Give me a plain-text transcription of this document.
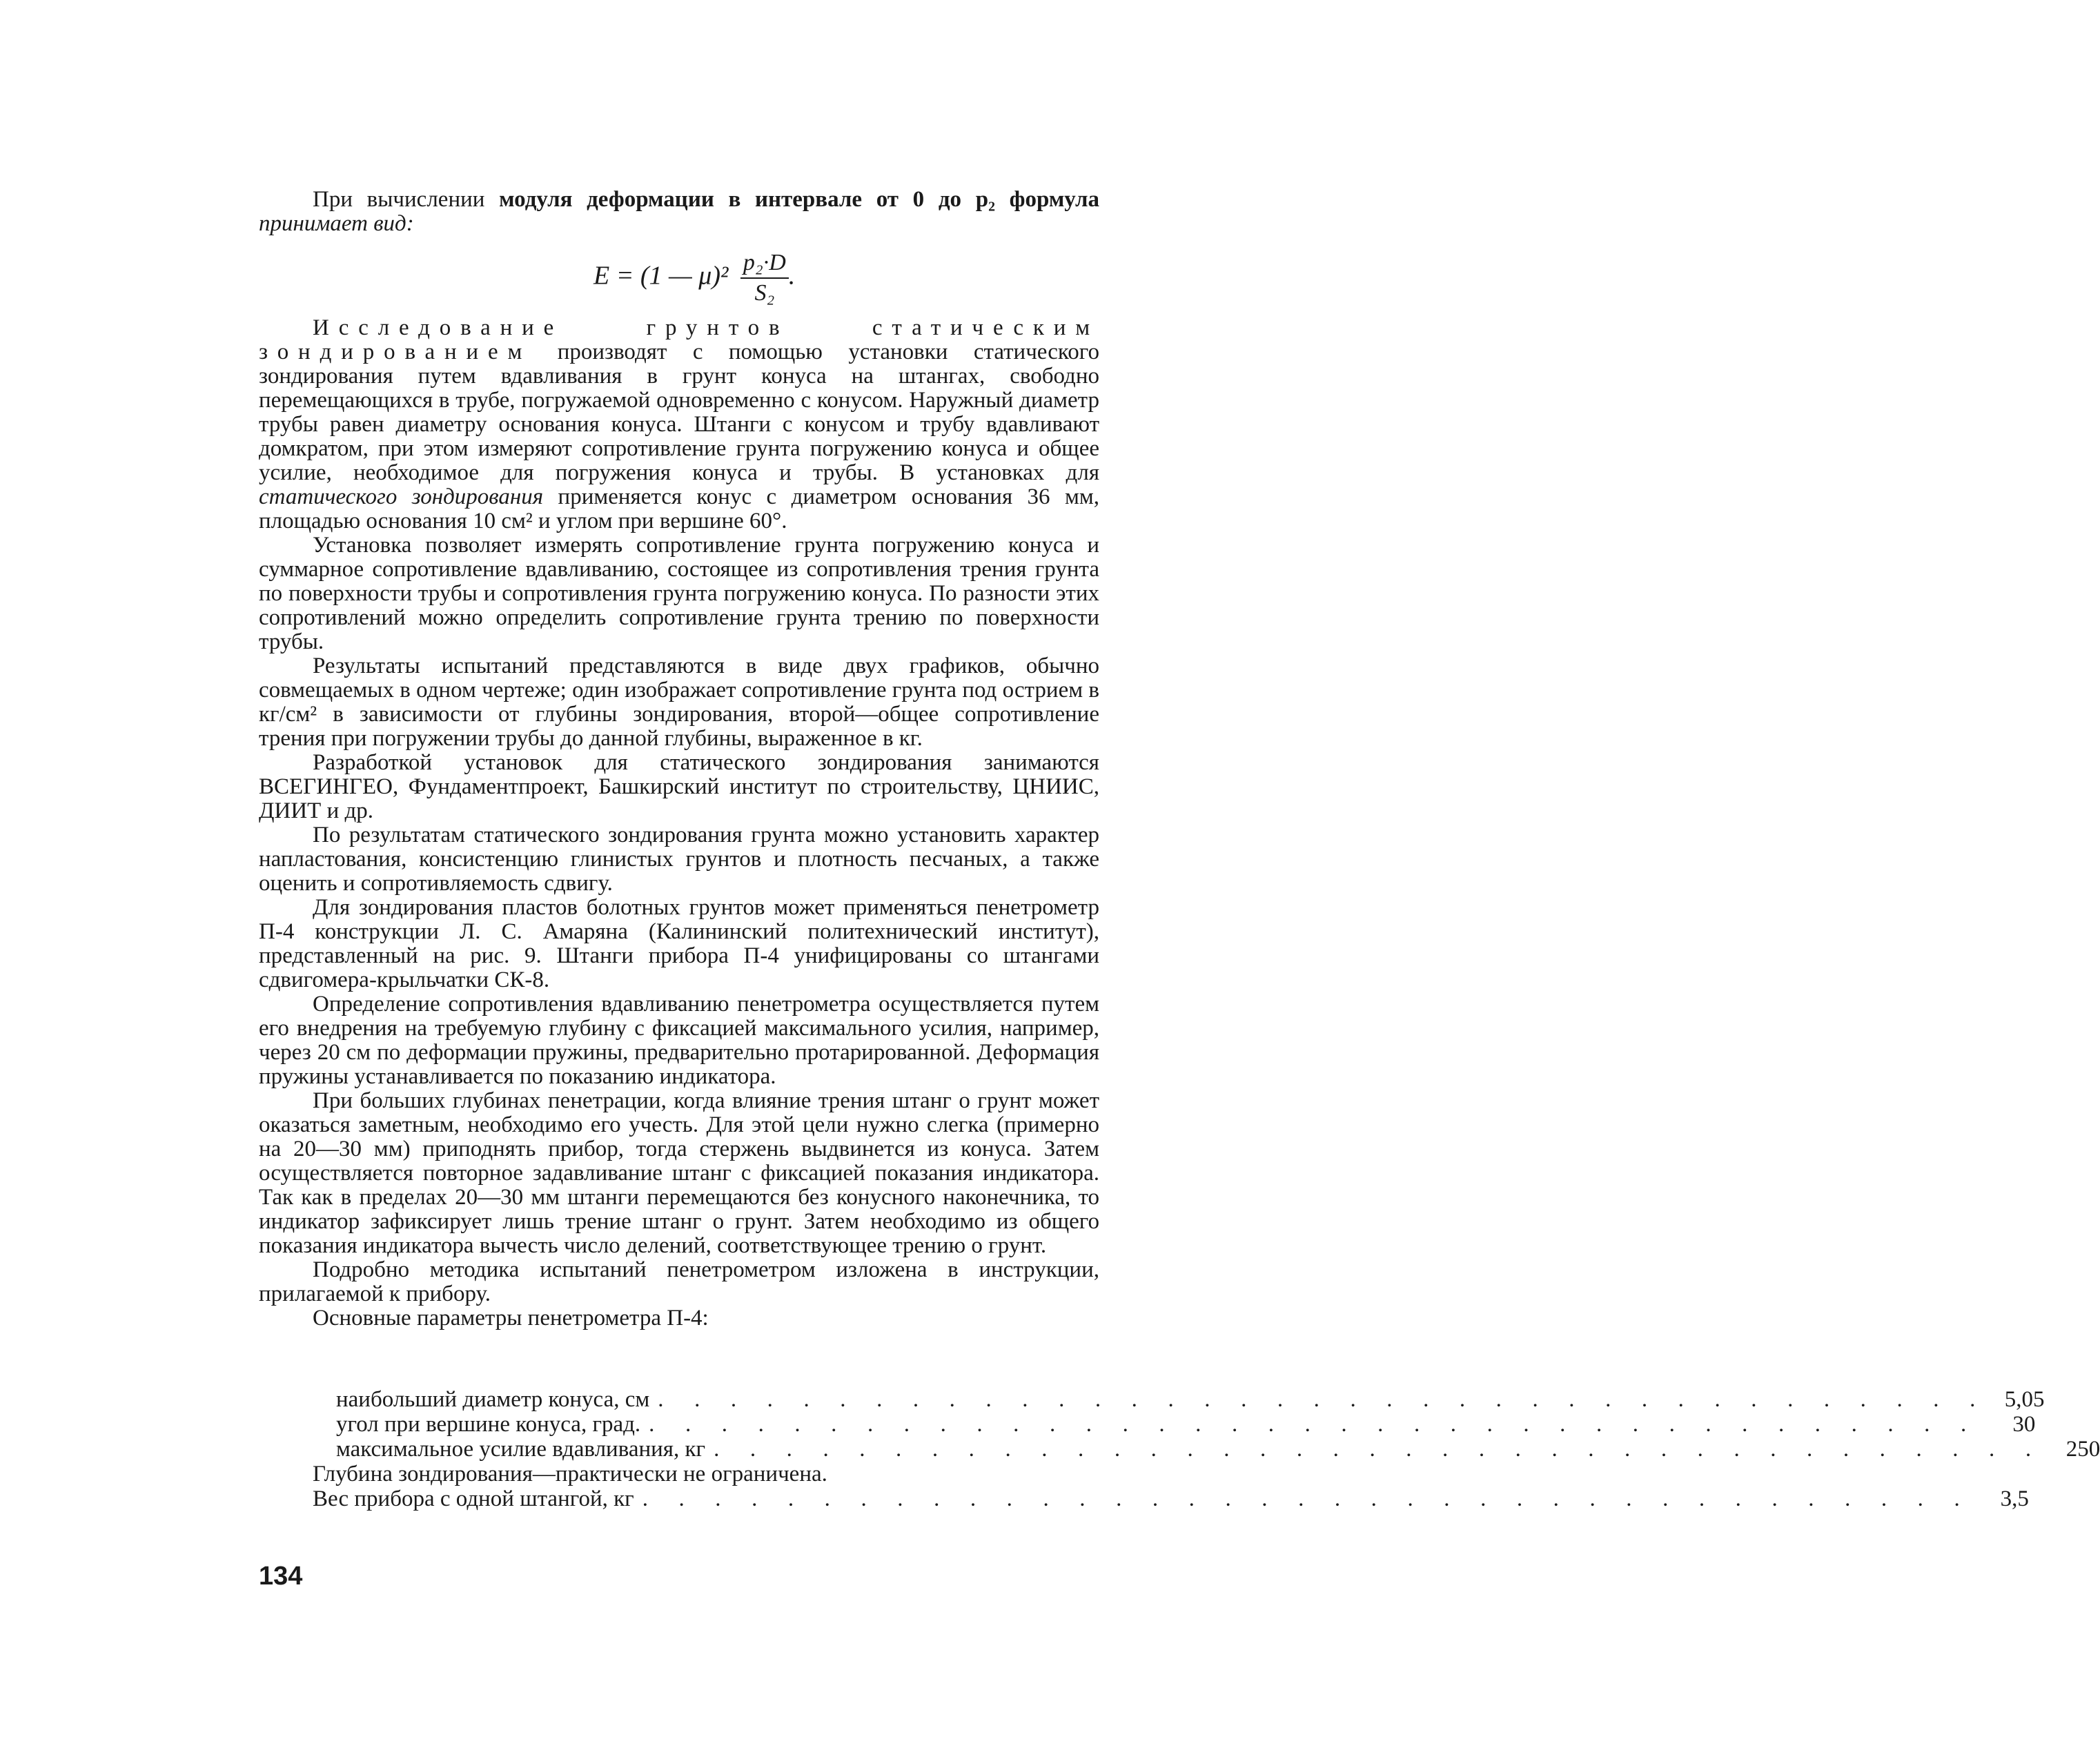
При вычислении модуля деформации в интервале от 0 до p₂ формула принимает вид:

E = (1 — $\mu)^2 \frac{\text{p₂·D}}{\text{S₂}}$ .

Исследование грунтов статическим зондированием производят с помощью установки статического зондирования путем вдавливания в грунт конуса на штангах, свободно перемещающихся в трубе, погружаемой одновременно с конусом. Наружный диаметр трубы равен диаметру основания конуса. Штанги с конусом и трубу вдавливают домкратом, при этом измеряют сопротивление грунта погружению конуса и общее усилие, необходимое для погружения конуса и трубы. В установках для статического зондирования применяется конус с диаметром основания 36 мм, площадью основания 10 см² и углом при вершине 60°.

Установка позволяет измерять сопротивление грунта погружению конуса и суммарное сопротивление вдавливанию, состоящее из сопротивления трения грунта по поверхности трубы и сопротивления грунта погружению конуса. По разности этих сопротивлений можно определить сопротивление грунта трению по поверхности трубы.

Результаты испытаний представляются в виде двух графиков, обычно совмещаемых в одном чертеже; один изображает сопротивление грунта под острием в кг/см² в зависимости от глубины зондирования, второй—общее сопротивление трения при погружении трубы до данной глубины, выраженное в кг.

Разработкой установок для статического зондирования занимаются ВСЕГИНГЕО, Фундаментпроект, Башкирский институт по строительству, ЦНИИС, ДИИТ и др.

По результатам статического зондирования грунта можно установить характер напластования, консистенцию глинистых грунтов и плотность песчаных, а также оценить и сопротивляемость сдвигу.

Для зондирования пластов болотных грунтов может применяться пенетрометр П-4 конструкции Л. С. Амаряна (Калининский политехнический институт), представленный на рис. 9. Штанги прибора П-4 унифицированы со штангами сдвигомера-крыльчатки СК-8.

Определение сопротивления вдавливанию пенетрометра осуществляется путем его внедрения на требуемую глубину с фиксацией максимального усилия, например, через 20 см по деформации пружины, предварительно протарированной. Деформация пружины устанавливается по показанию индикатора.

При больших глубинах пенетрации, когда влияние трения штанг о грунт может оказаться заметным, необходимо его учесть. Для этой цели нужно слегка (примерно на 20—30 мм) приподнять прибор, тогда стержень выдвинется из конуса. Затем осуществляется повторное задавливание штанг с фиксацией показания индикатора. Так как в пределах 20—30 мм штанги перемещаются без конусного наконечника, то индикатор зафиксирует лишь трение штанг о грунт. Затем необходимо из общего показания индикатора вычесть число делений, соответствующее трению о грунт.

Подробно методика испытаний пенетрометром изложена в инструкции, прилагаемой к прибору.

Основные параметры пенетрометра П-4:

наибольший диаметр конуса, см . . . . . . . . . . . . . . . . . . . . . . . . . . . . . . . . . . . . . 5,05
угол при вершине конуса, град. . . . . . . . . . . . . . . . . . . . . . . . . . . . . . . . . . . . . .	30
максимальное усилие вдавливания, кг . . . . . . . . . . . . . . . . . . . . . . . . . . . . . . . . . . . . . 250
Глубина зондирования—практически не ограничена.
Вес прибора с одной штангой, кг . . . . . . . . . . . . . . . . . . . . . . . . . . . . . . . . . . . . .	3,5
134
